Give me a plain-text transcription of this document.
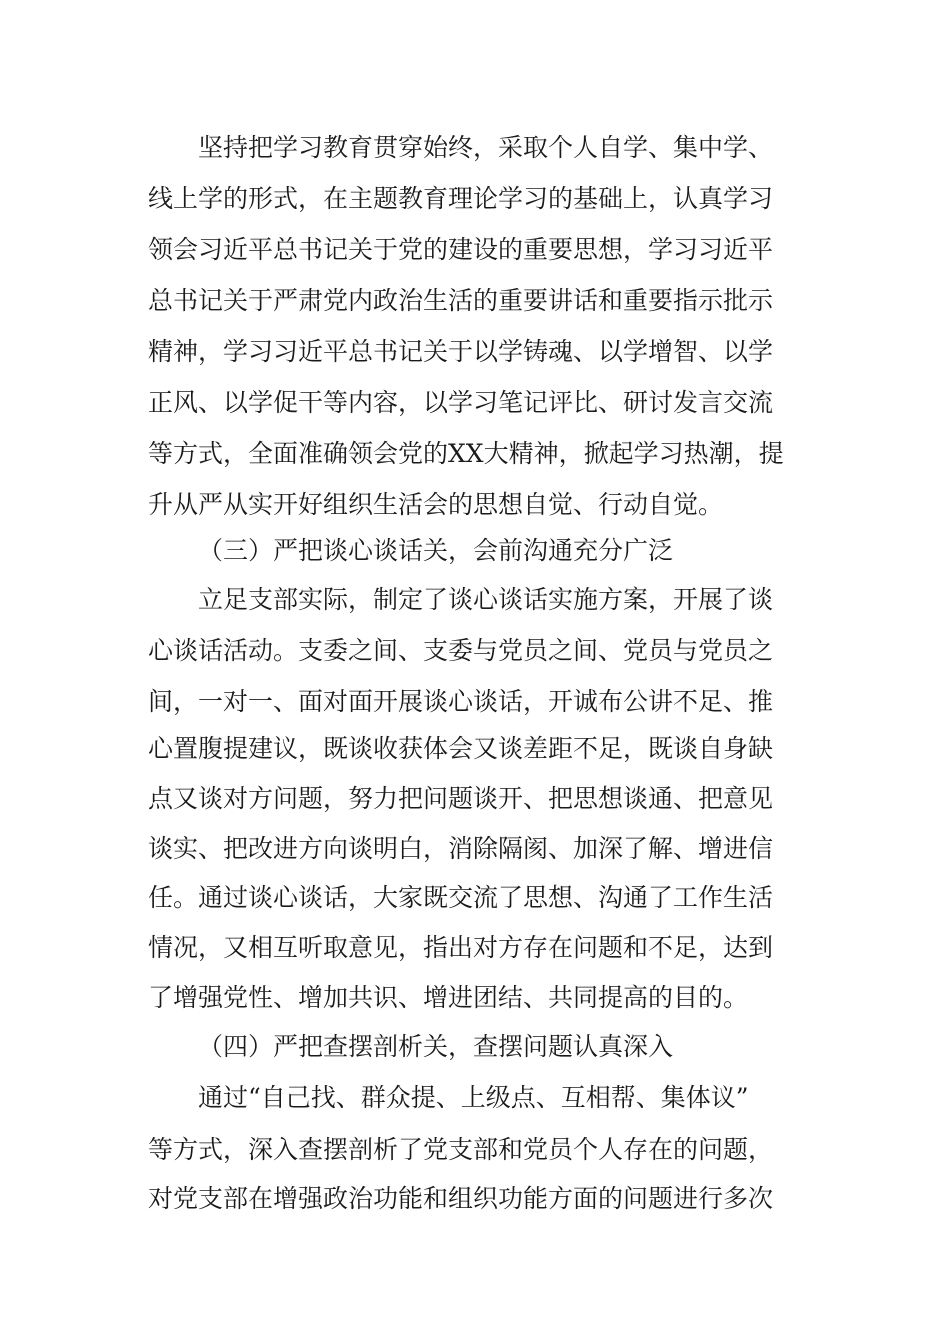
坚持把学习教育贯穿始终，采取个人自学、集中学、
线上学的形式，在主题教育理论学习的基础上，认真学习
领会习近平总书记关于党的建设的重要思想，学习习近平
总书记关于严肃党内政治生活的重要讲话和重要指示批示
精神，学习习近平总书记关于以学铸魂、以学增智、以学
正风、以学促干等内容，以学习笔记评比、研讨发言交流
等方式，全面准确领会党的XX大精神，掀起学习热潮，提
升从严从实开好组织生活会的思想自觉、行动自觉。
（三）严把谈心谈话关，会前沟通充分广泛
立足支部实际，制定了谈心谈话实施方案，开展了谈
心谈话活动。支委之间、支委与党员之间、党员与党员之
间，一对一、面对面开展谈心谈话，开诚布公讲不足、推
心置腹提建议，既谈收获体会又谈差距不足，既谈自身缺
点又谈对方问题，努力把问题谈开、把思想谈通、把意见
谈实、把改进方向谈明白，消除隔阂、加深了解、增进信
任。通过谈心谈话，大家既交流了思想、沟通了工作生活
情况，又相互听取意见，指出对方存在问题和不足，达到
了增强党性、增加共识、增进团结、共同提高的目的。
（四）严把查摆剖析关，查摆问题认真深入
通过“自己找、群众提、上级点、互相帮、集体议”
等方式，深入查摆剖析了党支部和党员个人存在的问题，
对党支部在增强政治功能和组织功能方面的问题进行多次
